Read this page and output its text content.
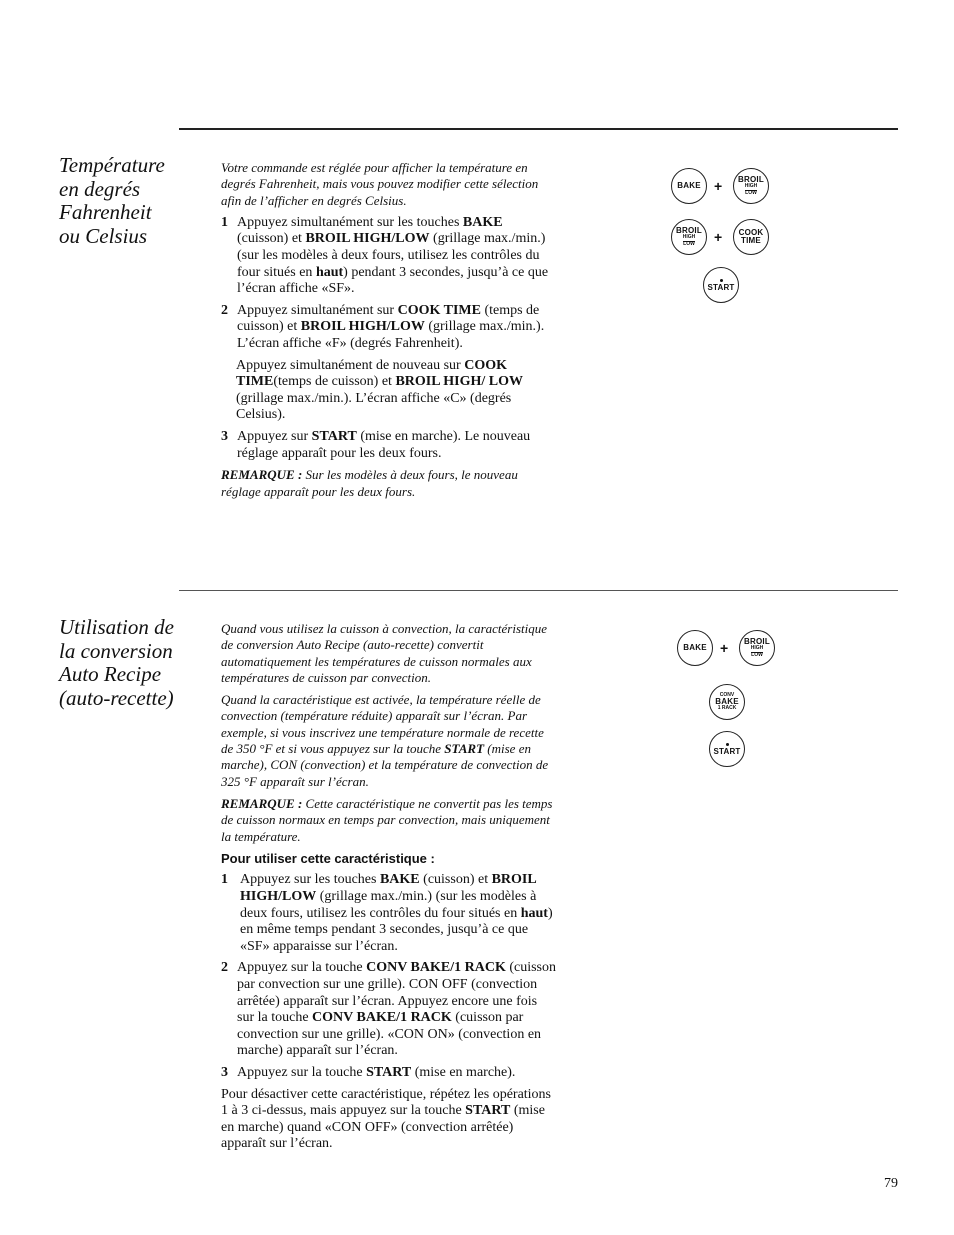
Température
en degrés
Fahrenheit
ou Celsius

Votre commande est réglée pour afficher la température en degrés Fahrenheit, mais vous pouvez modifier cette sélection afin de l’afficher en degrés Celsius.

1 Appuyez simultanément sur les touches BAKE (cuisson) et BROIL HIGH/LOW (grillage max./min.) (sur les modèles à deux fours, utilisez les contrôles du four situés en haut) pendant 3 secondes, jusqu’à ce que l’écran affiche «SF».
2 Appuyez simultanément sur COOK TIME (temps de cuisson) et BROIL HIGH/LOW (grillage max./min.). L’écran affiche «F» (degrés Fahrenheit).
Appuyez simultanément de nouveau sur COOK TIME(temps de cuisson) et BROIL HIGH/ LOW (grillage max./min.). L’écran affiche «C» (degrés Celsius).
3 Appuyez sur START (mise en marche). Le nouveau réglage apparaît pour les deux fours.

REMARQUE : Sur les modèles à deux fours, le nouveau réglage apparaît pour les deux fours.

BAKE + BROIL
HIGH
LOW
BROIL
HIGH
LOW + COOK
TIME
START
Utilisation de
la conversion
Auto Recipe
(auto-recette)

Quand vous utilisez la cuisson à convection, la caractéristique de conversion Auto Recipe (auto-recette) convertit automatiquement les températures de cuisson normales aux températures de cuisson par convection.

Quand la caractéristique est activée, la température réelle de convection (température réduite) apparaît sur l’écran. Par exemple, si vous inscrivez une température normale de recette de 350 °F et si vous appuyez sur la touche START (mise en marche), CON (convection) et la température de convection de 325 °F apparaît sur l’écran.

REMARQUE : Cette caractéristique ne convertit pas les temps de cuisson normaux en temps par convection, mais uniquement la température.

Pour utiliser cette caractéristique :
1 Appuyez sur les touches BAKE (cuisson) et BROIL HIGH/LOW (grillage max./min.) (sur les modèles à deux fours, utilisez les contrôles du four situés en haut) en même temps pendant 3 secondes, jusqu’à ce que «SF» apparaisse sur l’écran.
2 Appuyez sur la touche CONV BAKE/1 RACK (cuisson par convection sur une grille). CON OFF (convection arrêtée) apparaît sur l’écran. Appuyez encore une fois sur la touche CONV BAKE/1 RACK (cuisson par convection sur une grille). «CON ON» (convection en marche) apparaît sur l’écran.
3 Appuyez sur la touche START (mise en marche).

Pour désactiver cette caractéristique, répétez les opérations 1 à 3 ci-dessus, mais appuyez sur la touche START (mise en marche) quand «CON OFF» (convection arrêtée) apparaît sur l’écran.

BAKE + BROIL
HIGH
LOW
CONV
BAKE
1 RACK
START
79
